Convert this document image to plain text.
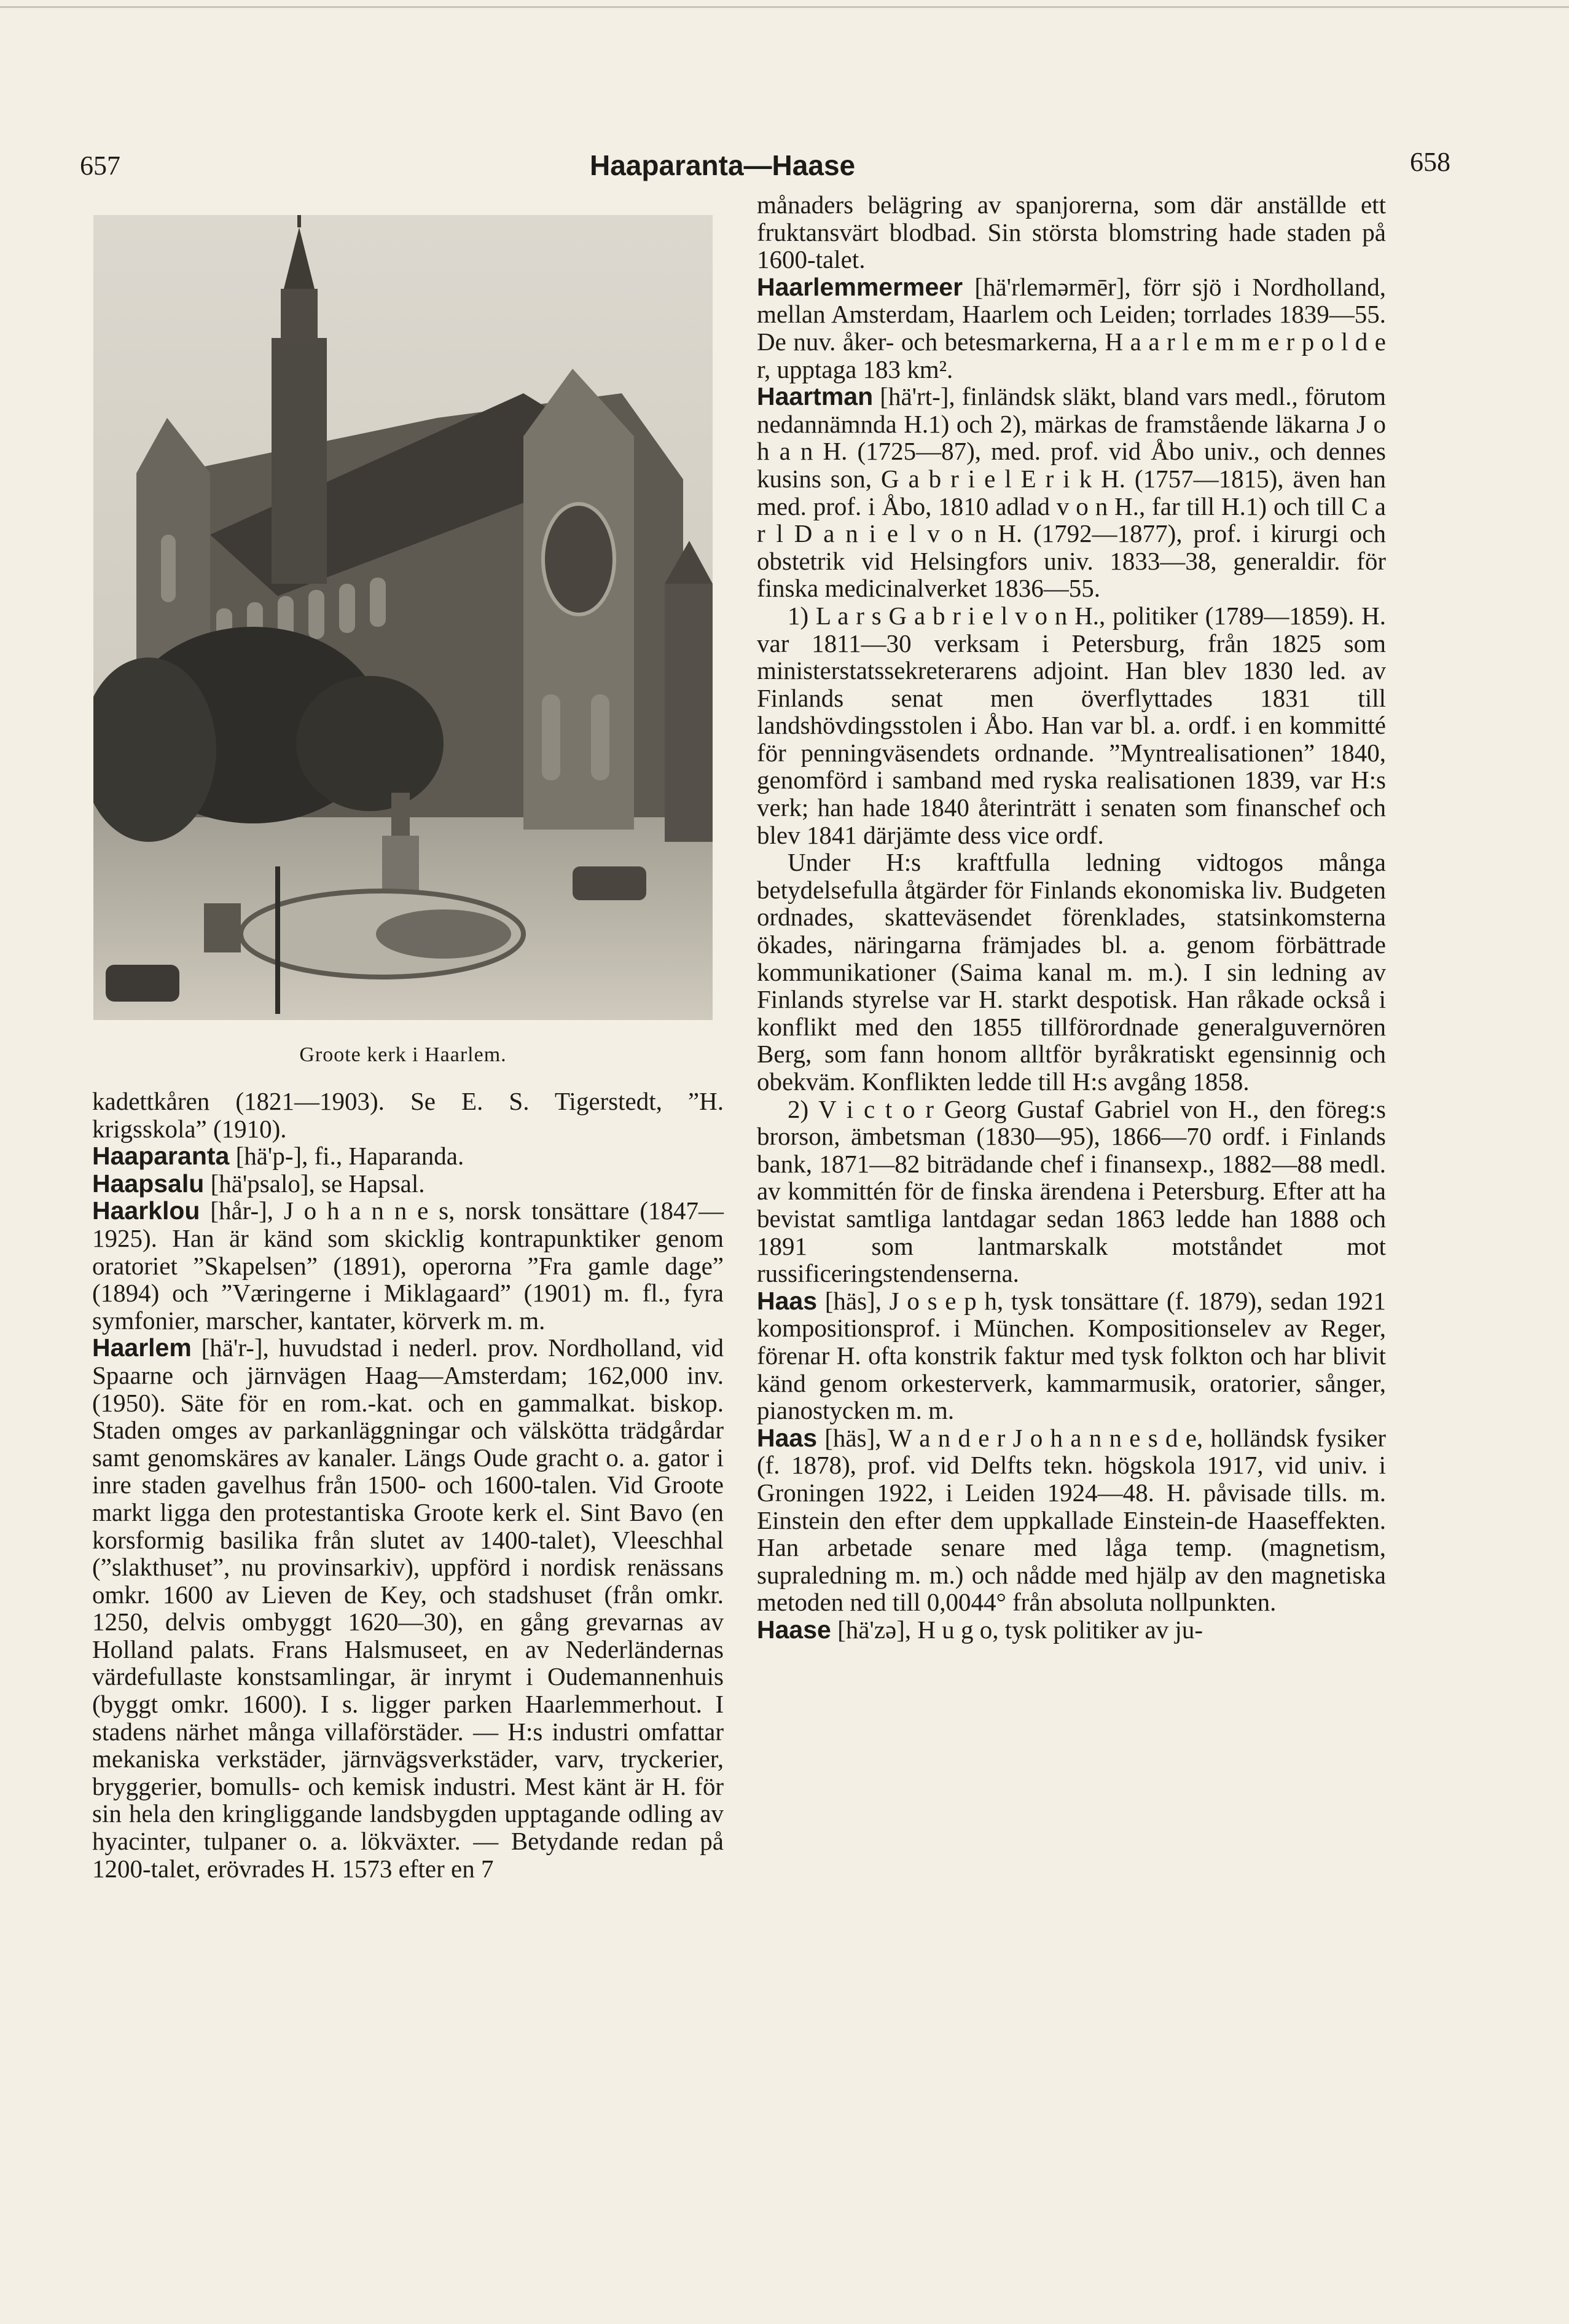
657	Haaparanta—Haase	658
Groote kerk i Haarlem.

kadettkåren (1821—1903). Se E. S. Tigerstedt, ”H. krigsskola” (1910).

Haaparanta [hä'p-], fi., Haparanda.

Haapsalu [hä'psalo], se Hapsal.

Haarklou [hår-], J o h a n n e s, norsk tonsättare (1847—1925). Han är känd som skicklig kontrapunktiker genom oratoriet ”Skapelsen” (1891), operorna ”Fra gamle dage” (1894) och ”Væringerne i Miklagaard” (1901) m. fl., fyra symfonier, marscher, kantater, körverk m. m.

Haarlem [hä'r-], huvudstad i nederl. prov. Nordholland, vid Spaarne och järnvägen Haag—Amsterdam; 162,000 inv. (1950). Säte för en rom.-kat. och en gammalkat. biskop. Staden omges av parkanläggningar och välskötta trädgårdar samt genomskäres av kanaler. Längs Oude gracht o. a. gator i inre staden gavelhus från 1500- och 1600-talen. Vid Groote markt ligga den protestantiska Groote kerk el. Sint Bavo (en korsformig basilika från slutet av 1400-talet), Vleeschhal (”slakthuset”, nu provinsarkiv), uppförd i nordisk renässans omkr. 1600 av Lieven de Key, och stadshuset (från omkr. 1250, delvis ombyggt 1620—30), en gång grevarnas av Holland palats. Frans Halsmuseet, en av Nederländernas värdefullaste konstsamlingar, är inrymt i Oudemannenhuis (byggt omkr. 1600). I s. ligger parken Haarlemmerhout. I stadens närhet många villaförstäder. — H:s industri omfattar mekaniska verkstäder, järnvägsverkstäder, varv, tryckerier, bryggerier, bomulls- och kemisk industri. Mest känt är H. för sin hela den kringliggande landsbygden upptagande odling av hyacinter, tulpaner o. a. lökväxter. — Betydande redan på 1200-talet, erövrades H. 1573 efter en 7

månaders belägring av spanjorerna, som där anställde ett fruktansvärt blodbad. Sin största blomstring hade staden på 1600-talet.

Haarlemmermeer [hä'rlemərmēr], förr sjö i Nordholland, mellan Amsterdam, Haarlem och Leiden; torrlades 1839—55. De nuv. åker- och betesmarkerna, H a a r l e m m e r p o l d e r, upptaga 183 km².

Haartman [hä'rt-], finländsk släkt, bland vars medl., förutom nedannämnda H.1) och 2), märkas de framstående läkarna J o h a n H. (1725—87), med. prof. vid Åbo univ., och dennes kusins son, G a b r i e l E r i k H. (1757—1815), även han med. prof. i Åbo, 1810 adlad v o n H., far till H.1) och till C a r l D a n i e l v o n H. (1792—1877), prof. i kirurgi och obstetrik vid Helsingfors univ. 1833—38, generaldir. för finska medicinalverket 1836—55.

1) L a r s G a b r i e l v o n H., politiker (1789—1859). H. var 1811—30 verksam i Petersburg, från 1825 som ministerstatssekreterarens adjoint. Han blev 1830 led. av Finlands senat men överflyttades 1831 till landshövdingsstolen i Åbo. Han var bl. a. ordf. i en kommitté för penningväsendets ordnande. ”Myntrealisationen” 1840, genomförd i samband med ryska realisationen 1839, var H:s verk; han hade 1840 återinträtt i senaten som finanschef och blev 1841 därjämte dess vice ordf.

Under H:s kraftfulla ledning vidtogos många betydelsefulla åtgärder för Finlands ekonomiska liv. Budgeten ordnades, skatteväsendet förenklades, statsinkomsterna ökades, näringarna främjades bl. a. genom förbättrade kommunikationer (Saima kanal m. m.). I sin ledning av Finlands styrelse var H. starkt despotisk. Han råkade också i konflikt med den 1855 tillförordnade generalguvernören Berg, som fann honom alltför byråkratiskt egensinnig och obekväm. Konflikten ledde till H:s avgång 1858.

2) V i c t o r Georg Gustaf Gabriel von H., den föreg:s brorson, ämbetsman (1830—95), 1866—70 ordf. i Finlands bank, 1871—82 biträdande chef i finansexp., 1882—88 medl. av kommittén för de finska ärendena i Petersburg. Efter att ha bevistat samtliga lantdagar sedan 1863 ledde han 1888 och 1891 som lantmarskalk motståndet mot russificeringstendenserna.

Haas [häs], J o s e p h, tysk tonsättare (f. 1879), sedan 1921 kompositionsprof. i München. Kompositionselev av Reger, förenar H. ofta konstrik faktur med tysk folkton och har blivit känd genom orkesterverk, kammarmusik, oratorier, sånger, pianostycken m. m.

Haas [häs], W a n d e r J o h a n n e s d e, holländsk fysiker (f. 1878), prof. vid Delfts tekn. högskola 1917, vid univ. i Groningen 1922, i Leiden 1924—48. H. påvisade tills. m. Einstein den efter dem uppkallade Einstein-de Haaseffekten. Han arbetade senare med låga temp. (magnetism, supraledning m. m.) och nådde med hjälp av den magnetiska metoden ned till 0,0044° från absoluta nollpunkten.

Haase [hä'zə], H u g o, tysk politiker av ju-
